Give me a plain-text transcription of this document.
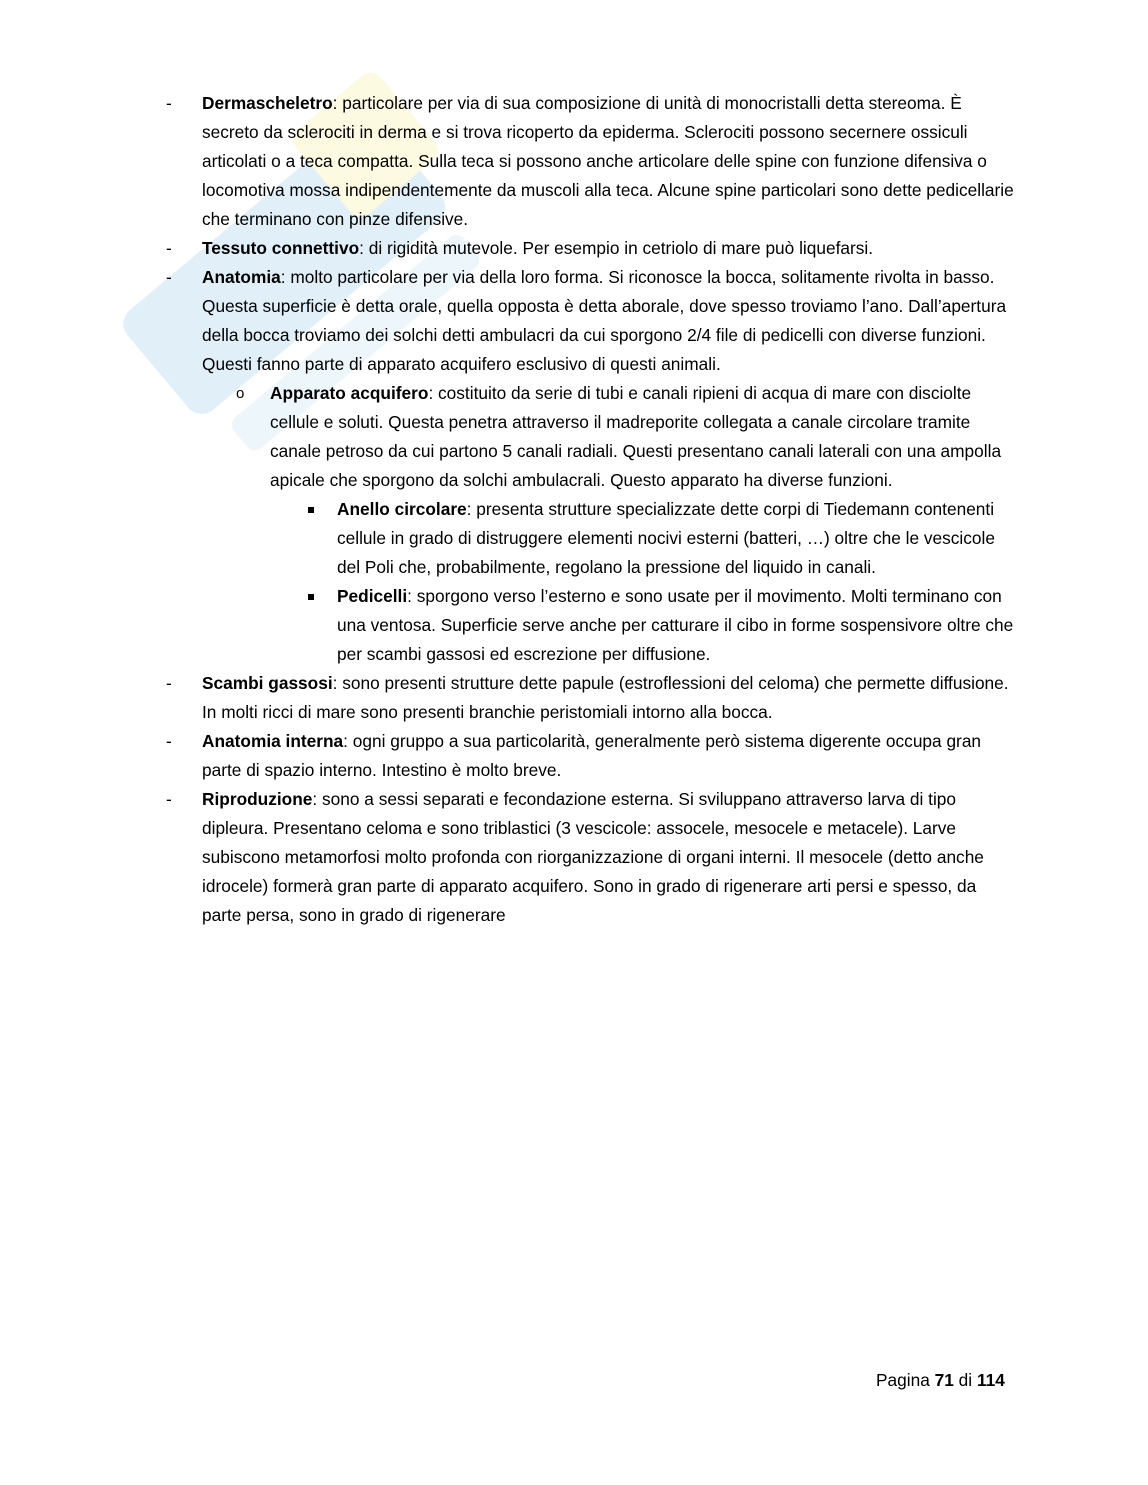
-	Dermascheletro: particolare per via di sua composizione di unità di monocristalli detta stereoma. È secreto da sclerociti in derma e si trova ricoperto da epiderma. Sclerociti possono secernere ossiculi articolati o a teca compatta. Sulla teca si possono anche articolare delle spine con funzione difensiva o locomotiva mossa indipendentemente da muscoli alla teca. Alcune spine particolari sono dette pedicellarie che terminano con pinze difensive.
-	Tessuto connettivo: di rigidità mutevole. Per esempio in cetriolo di mare può liquefarsi.
-	Anatomia: molto particolare per via della loro forma. Si riconosce la bocca, solitamente rivolta in basso. Questa superficie è detta orale, quella opposta è detta aborale, dove spesso troviamo l’ano. Dall’apertura della bocca troviamo dei solchi detti ambulacri da cui sporgono 2/4 file di pedicelli con diverse funzioni. Questi fanno parte di apparato acquifero esclusivo di questi animali.
o Apparato acquifero: costituito da serie di tubi e canali ripieni di acqua di mare con disciolte cellule e soluti. Questa penetra attraverso il madreporite collegata a canale circolare tramite canale petroso da cui partono 5 canali radiali. Questi presentano canali laterali con una ampolla apicale che sporgono da solchi ambulacrali. Questo apparato ha diverse funzioni.
Anello circolare: presenta strutture specializzate dette corpi di Tiedemann contenenti cellule in grado di distruggere elementi nocivi esterni (batteri, …) oltre che le vescicole del Poli che, probabilmente, regolano la pressione del liquido in canali.
Pedicelli: sporgono verso l’esterno e sono usate per il movimento. Molti terminano con una ventosa. Superficie serve anche per catturare il cibo in forme sospensivore oltre che per scambi gassosi ed escrezione per diffusione.
-	Scambi gassosi: sono presenti strutture dette papule (estroflessioni del celoma) che permette diffusione. In molti ricci di mare sono presenti branchie peristomiali intorno alla bocca.
-	Anatomia interna: ogni gruppo a sua particolarità, generalmente però sistema digerente occupa gran parte di spazio interno. Intestino è molto breve.
-	Riproduzione: sono a sessi separati e fecondazione esterna. Si sviluppano attraverso larva di tipo dipleura. Presentano celoma e sono triblastici (3 vescicole: assocele, mesocele e metacele). Larve subiscono metamorfosi molto profonda con riorganizzazione di organi interni. Il mesocele (detto anche idrocele) formerà gran parte di apparato acquifero. Sono in grado di rigenerare arti persi e spesso, da parte persa, sono in grado di rigenerare
Pagina 71 di 114
